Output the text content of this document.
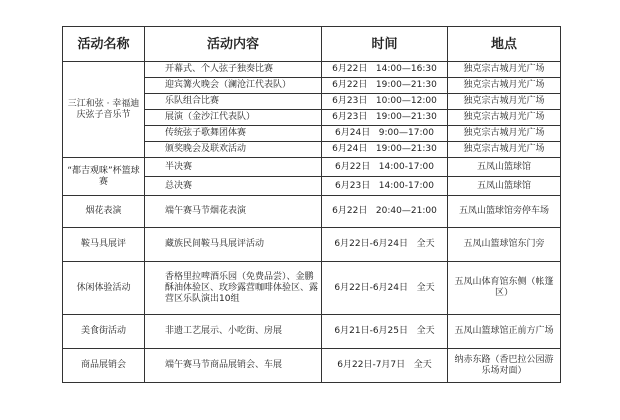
活动名称	活动内容	时间	地点
三江和弦 · 幸福迪庆弦子音乐节	开幕式、个人弦子独奏比赛	6月22日   14:00—16:30	独克宗古城月光广场
	迎宾篝火晚会（澜沧江代表队）	6月22日   19:00—21:30	独克宗古城月光广场
	乐队组合比赛	6月23日   10:00—12:00	独克宗古城月光广场
	展演（金沙江代表队）	6月23日   19:00—21:30	独克宗古城月光广场
	传统弦子歌舞团体赛	6月24日   9:00—17:00	独克宗古城月光广场
	颁奖晚会及联欢活动	6月24日   19:00—21:30	独克宗古城月光广场
“都吉观咪”杯篮球赛	半决赛	6月22日   14:00-17:00	五凤山篮球馆
	总决赛	6月23日   14:00-17:00	五凤山篮球馆
烟花表演	端午赛马节烟花表演	6月22日   20:40—21:00	五凤山篮球馆旁停车场
鞍马具展评	藏族民间鞍马具展评活动	6月22日-6月24日   全天	五凤山篮球馆东门旁
休闲体验活动	香格里拉啤酒乐园（免费品尝）、金鹏酥油体验区、玫珍露营咖啡体验区、露营区乐队演出10组	6月22日-6月24日   全天	五凤山体育馆东侧（帐篷区）
美食街活动	非遗工艺展示、小吃街、房展	6月21日-6月25日   全天	五凤山篮球馆正前方广场
商品展销会	端午赛马节商品展销会、车展	6月22日-7月7日   全天	纳赤东路（香巴拉公园游乐场对面）
